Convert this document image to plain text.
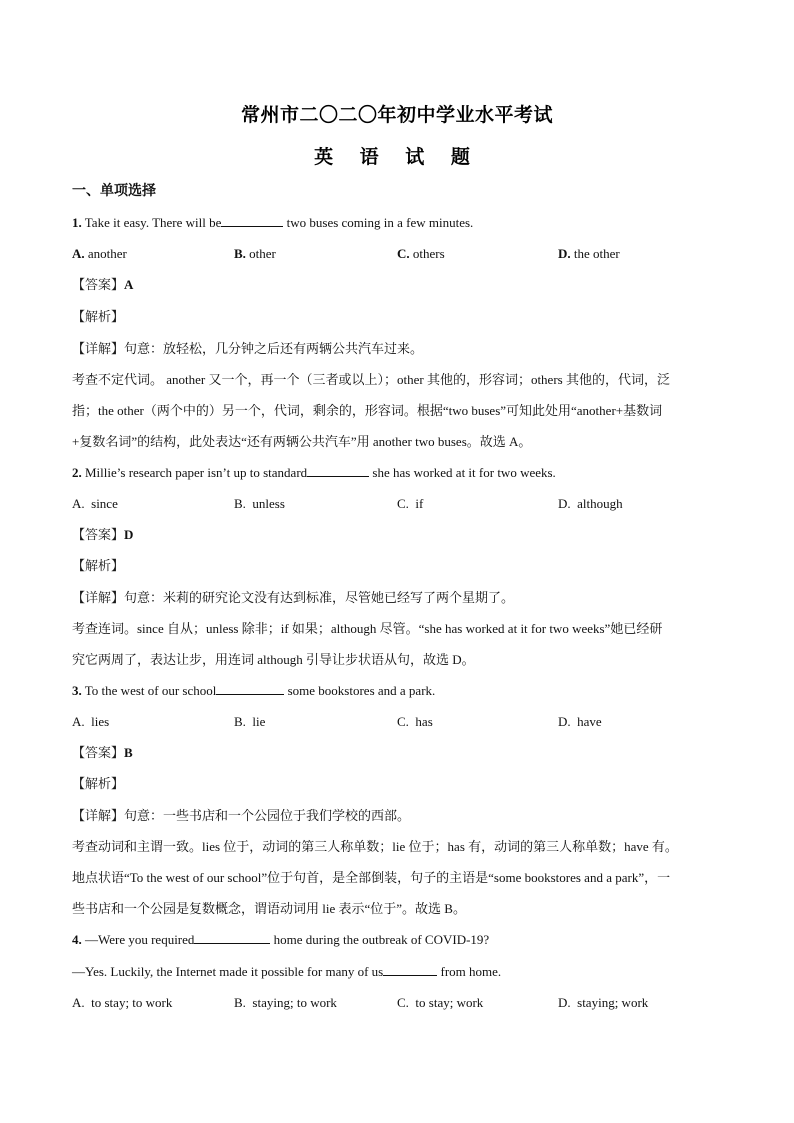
常州市二〇二〇年初中学业水平考试
英 语 试 题
一、单项选择
1. Take it easy. There will be	two buses coming in a few minutes.
A. another	B. other	C. others	D. the other
【答案】A
【解析】
【详解】句意：放轻松，几分钟之后还有两辆公共汽车过来。
考查不定代词。 another 又一个，再一个（三者或以上）；other 其他的，形容词；others 其他的，代词，泛
指；the other（两个中的）另一个，代词，剩余的，形容词。根据“two buses”可知此处用“another+基数词
+复数名词”的结构，此处表达“还有两辆公共汽车”用 another two buses。故选 A。
2. Millie’s research paper isn’t up to standard	she has worked at it for two weeks.
A. since	B. unless	C. if	D. although
【答案】D
【解析】
【详解】句意：米莉的研究论文没有达到标准，尽管她已经写了两个星期了。
考查连词。since 自从；unless 除非；if 如果；although 尽管。“she has worked at it for two weeks”她已经研
究它两周了，表达让步，用连词 although 引导让步状语从句，故选 D。
3. To the west of our school	some bookstores and a park.
A. lies	B. lie	C. has	D. have
【答案】B
【解析】
【详解】句意：一些书店和一个公园位于我们学校的西部。
考查动词和主谓一致。lies 位于，动词的第三人称单数；lie 位于；has 有，动词的第三人称单数；have 有。
地点状语“To the west of our school”位于句首，是全部倒装，句子的主语是“some bookstores and a park”，一
些书店和一个公园是复数概念，谓语动词用 lie 表示“位于”。故选 B。
4. —Were you required	home during the outbreak of COVID-19?
—Yes. Luckily, the Internet made it possible for many of us	from home.
A. to stay; to work	B. staying; to work	C. to stay; work	D. staying; work
